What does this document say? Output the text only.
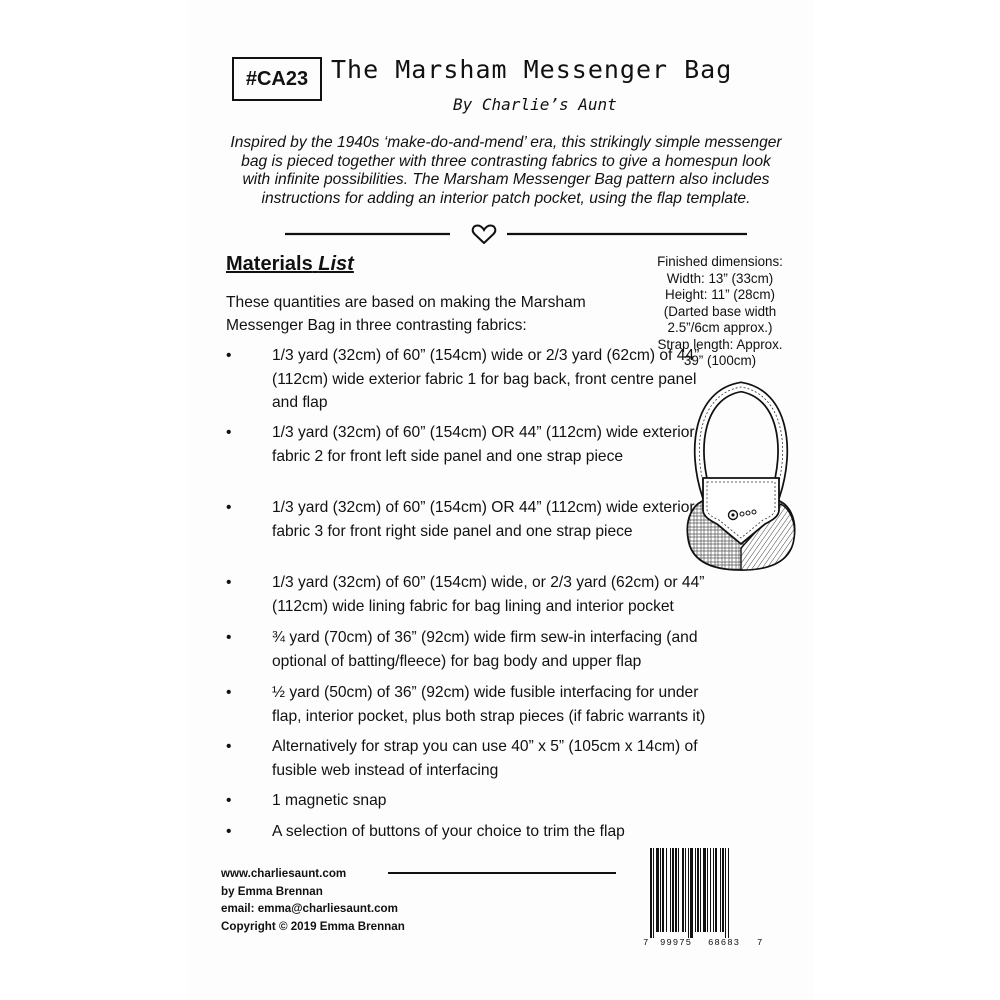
#CA23 The Marsham Messenger Bag
By Charlie’s Aunt
Inspired by the 1940s ‘make-do-and-mend’ era, this strikingly simple messenger bag is pieced together with three contrasting fabrics to give a homespun look with infinite possibilities. The Marsham Messenger Bag pattern also includes instructions for adding an interior patch pocket, using the flap template.
Materials List
These quantities are based on making the Marsham Messenger Bag in three contrasting fabrics:
Finished dimensions:
Width: 13” (33cm)
Height: 11” (28cm)
(Darted base width
2.5”/6cm approx.)
Strap length: Approx.
39” (100cm)
•	1/3 yard (32cm) of 60” (154cm) wide or 2/3 yard (62cm) of 44” (112cm) wide exterior fabric 1 for bag back, front centre panel and flap
•	1/3 yard (32cm) of 60” (154cm) OR 44” (112cm) wide exterior fabric 2 for front left side panel and one strap piece
•	1/3 yard (32cm) of 60” (154cm) OR 44” (112cm) wide exterior fabric 3 for front right side panel and one strap piece
•	1/3 yard (32cm) of 60” (154cm) wide, or 2/3 yard (62cm) or 44” (112cm) wide lining fabric for bag lining and interior pocket
•	¾ yard (70cm) of 36” (92cm) wide firm sew-in interfacing (and optional of batting/fleece) for bag body and upper flap
•	½ yard (50cm) of 36” (92cm) wide fusible interfacing for under flap, interior pocket, plus both strap pieces (if fabric warrants it)
•	Alternatively for strap you can use 40” x 5” (105cm x 14cm) of fusible web instead of interfacing
•	1 magnetic snap
•	A selection of buttons of your choice to trim the flap
www.charliesaunt.com
by Emma Brennan
email: emma@charliesaunt.com
Copyright © 2019 Emma Brennan
7 99975 68683 7
